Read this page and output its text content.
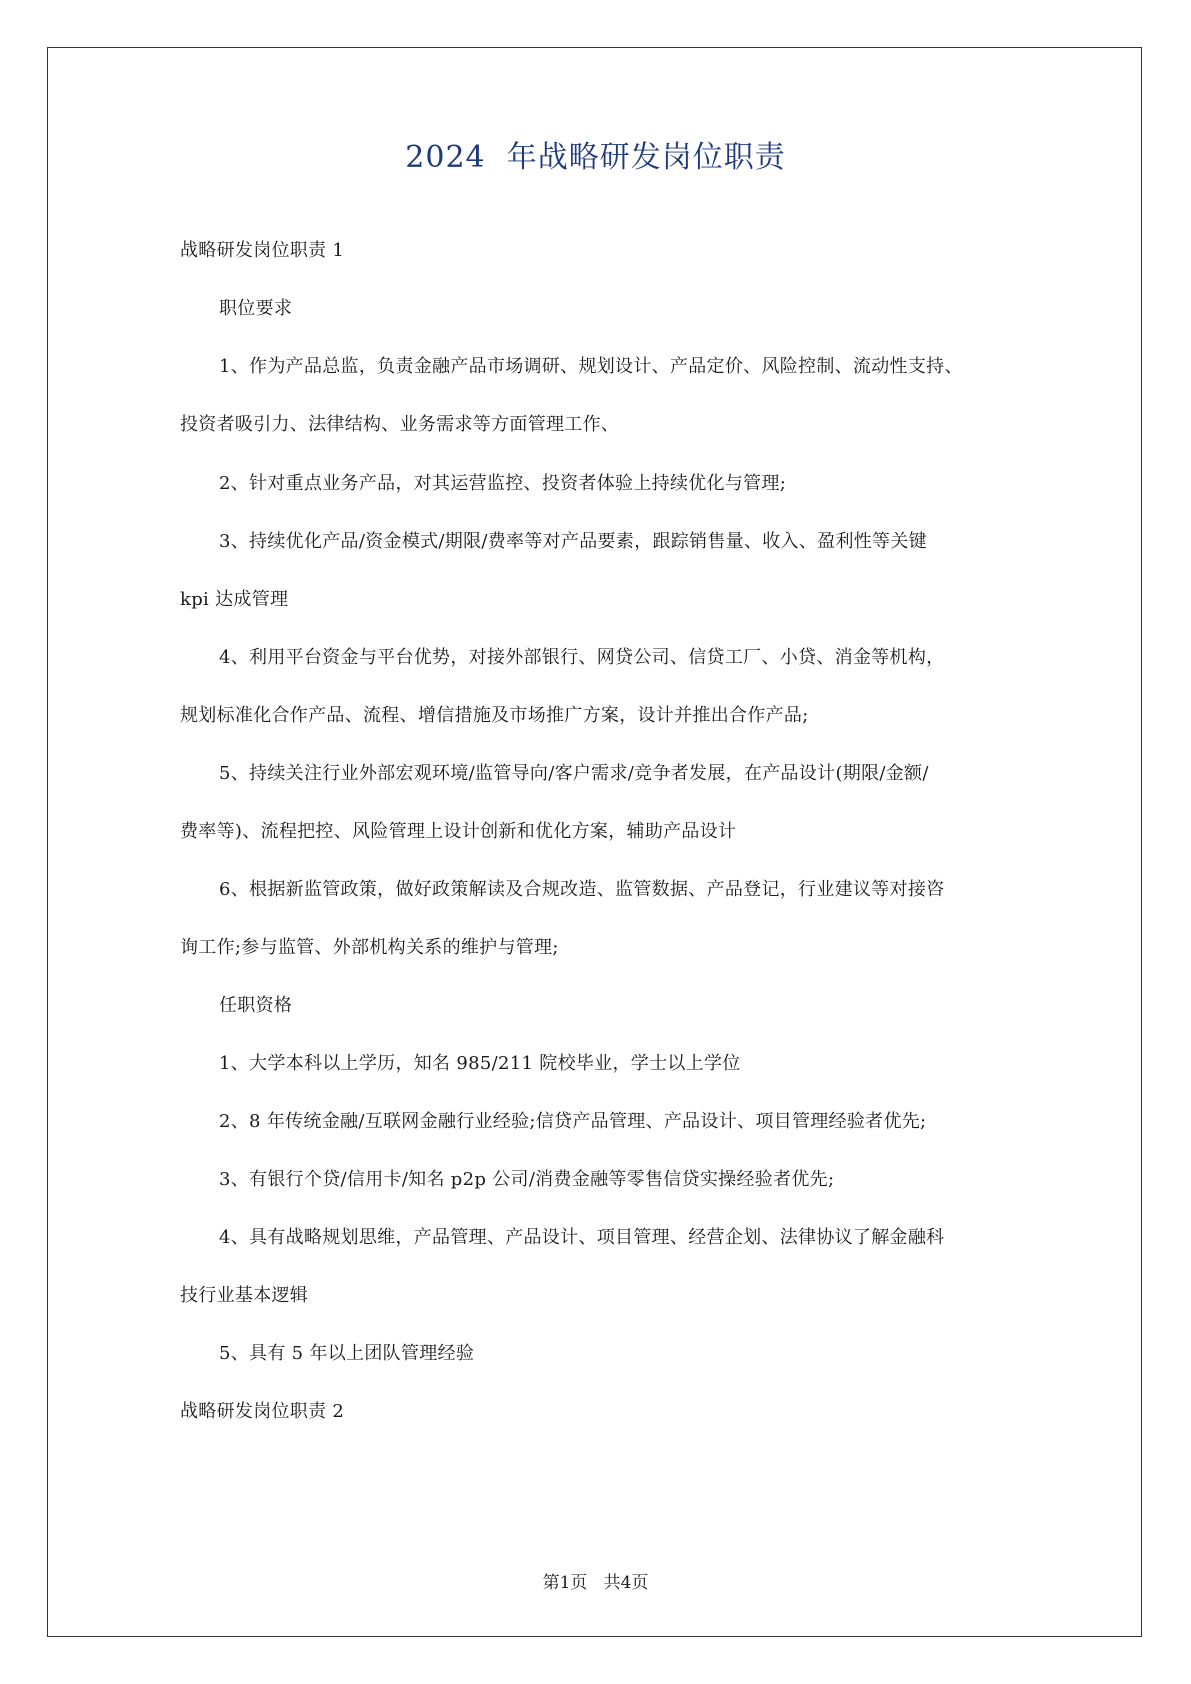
2024  年战略研发岗位职责
战略研发岗位职责 1
职位要求
1、作为产品总监，负责金融产品市场调研、规划设计、产品定价、风险控制、流动性支持、
投资者吸引力、法律结构、业务需求等方面管理工作、
2、针对重点业务产品，对其运营监控、投资者体验上持续优化与管理;
3、持续优化产品/资金模式/期限/费率等对产品要素，跟踪销售量、收入、盈利性等关键
kpi 达成管理
4、利用平台资金与平台优势，对接外部银行、网贷公司、信贷工厂、小贷、消金等机构，
规划标准化合作产品、流程、增信措施及市场推广方案，设计并推出合作产品;
5、持续关注行业外部宏观环境/监管导向/客户需求/竞争者发展，在产品设计(期限/金额/
费率等)、流程把控、风险管理上设计创新和优化方案，辅助产品设计
6、根据新监管政策，做好政策解读及合规改造、监管数据、产品登记，行业建议等对接咨
询工作;参与监管、外部机构关系的维护与管理;
任职资格
1、大学本科以上学历，知名 985/211 院校毕业，学士以上学位
2、8 年传统金融/互联网金融行业经验;信贷产品管理、产品设计、项目管理经验者优先;
3、有银行个贷/信用卡/知名 p2p 公司/消费金融等零售信贷实操经验者优先;
4、具有战略规划思维，产品管理、产品设计、项目管理、经营企划、法律协议了解金融科
技行业基本逻辑
5、具有 5 年以上团队管理经验
战略研发岗位职责 2
第1页   共4页
